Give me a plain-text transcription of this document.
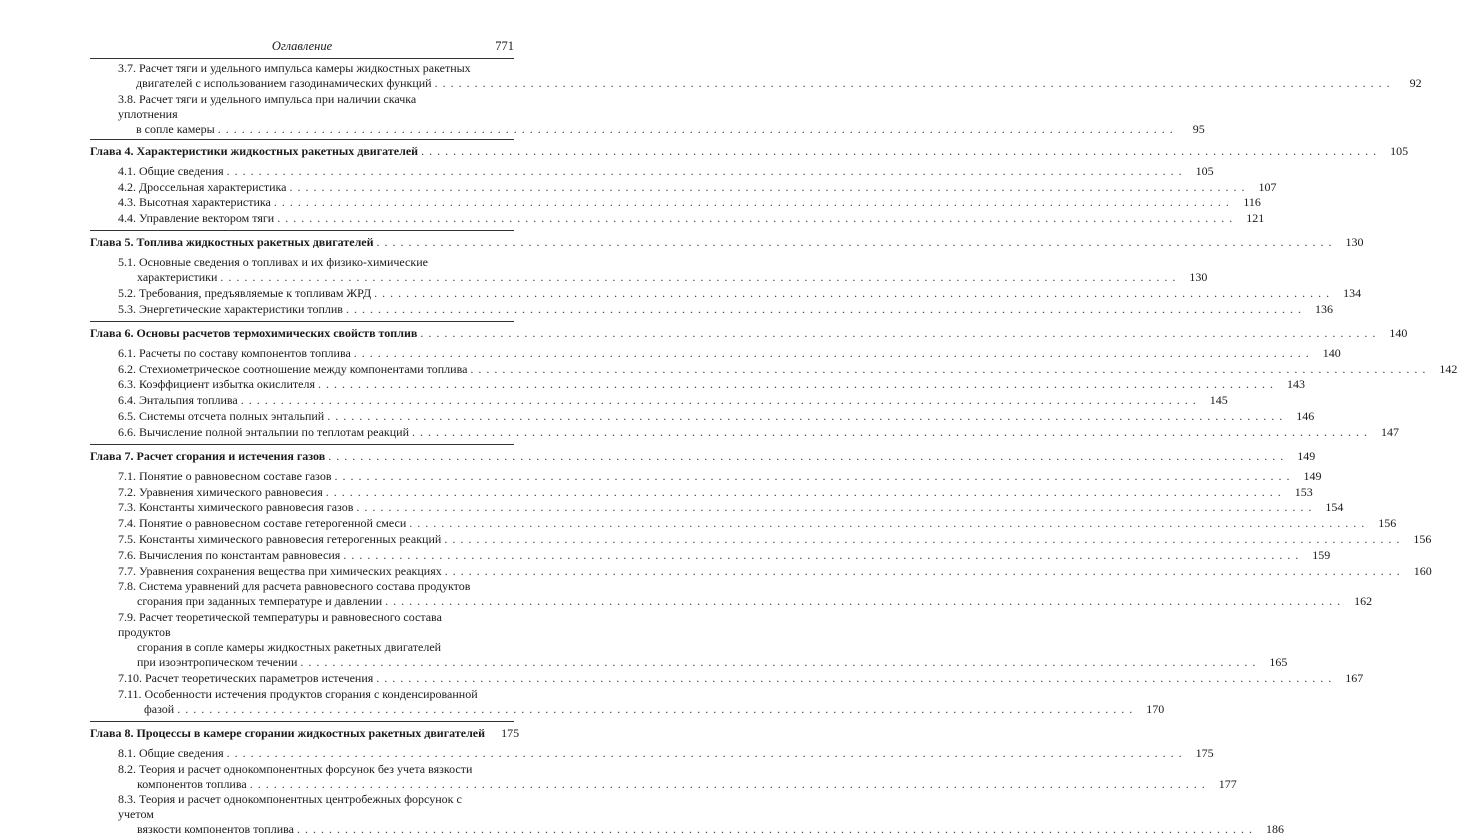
Оглавление	771
3.7. Расчет тяги и удельного импульса камеры жидкостных ракетных
двигателей с использованием газодинамических функций . . . . . . . . . . . . . . . . . . . . . . . . . . . . . . . . . . . . . . . . . . . . . . . . . . . . . . . . . . . . . . . . . . . . . . . . . . . . . . . . . . . . . . . . . . . . . . . . . . . . . . . . . . . . . . . . . . . . . . . .	92
3.8. Расчет тяги и удельного импульса при наличии скачка уплотнения
в сопле камеры . . . . . . . . . . . . . . . . . . . . . . . . . . . . . . . . . . . . . . . . . . . . . . . . . . . . . . . . . . . . . . . . . . . . . . . . . . . . . . . . . . . . . . . . . . . . . . . . . . . . . . . . . . . . . . . . . . . . . . . .	95
Глава 4. Характеристики жидкостных ракетных двигателей . . . . . . . . . . . . . . . . . . . . . . . . . . . . . . . . . . . . . . . . . . . . . . . . . . . . . . . . . . . . . . . . . . . . . . . . . . . . . . . . . . . . . . . . . . . . . . . . . . . . . . . . . . . . . . . . . . . . . . . .	105
4.1. Общие сведения . . . . . . . . . . . . . . . . . . . . . . . . . . . . . . . . . . . . . . . . . . . . . . . . . . . . . . . . . . . . . . . . . . . . . . . . . . . . . . . . . . . . . . . . . . . . . . . . . . . . . . . . . . . . . . . . . . . . . . . .	105
4.2. Дроссельная характеристика . . . . . . . . . . . . . . . . . . . . . . . . . . . . . . . . . . . . . . . . . . . . . . . . . . . . . . . . . . . . . . . . . . . . . . . . . . . . . . . . . . . . . . . . . . . . . . . . . . . . . . . . . . . . . . . . . . . . . . . .	107
4.3. Высотная характеристика . . . . . . . . . . . . . . . . . . . . . . . . . . . . . . . . . . . . . . . . . . . . . . . . . . . . . . . . . . . . . . . . . . . . . . . . . . . . . . . . . . . . . . . . . . . . . . . . . . . . . . . . . . . . . . . . . . . . . . . .	116
4.4. Управление вектором тяги . . . . . . . . . . . . . . . . . . . . . . . . . . . . . . . . . . . . . . . . . . . . . . . . . . . . . . . . . . . . . . . . . . . . . . . . . . . . . . . . . . . . . . . . . . . . . . . . . . . . . . . . . . . . . . . . . . . . . . . .	121
Глава 5. Топлива жидкостных ракетных двигателей . . . . . . . . . . . . . . . . . . . . . . . . . . . . . . . . . . . . . . . . . . . . . . . . . . . . . . . . . . . . . . . . . . . . . . . . . . . . . . . . . . . . . . . . . . . . . . . . . . . . . . . . . . . . . . . . . . . . . . . .	130
5.1. Основные сведения о топливах и их физико-химические
характеристики . . . . . . . . . . . . . . . . . . . . . . . . . . . . . . . . . . . . . . . . . . . . . . . . . . . . . . . . . . . . . . . . . . . . . . . . . . . . . . . . . . . . . . . . . . . . . . . . . . . . . . . . . . . . . . . . . . . . . . . .	130
5.2. Требования, предъявляемые к топливам ЖРД . . . . . . . . . . . . . . . . . . . . . . . . . . . . . . . . . . . . . . . . . . . . . . . . . . . . . . . . . . . . . . . . . . . . . . . . . . . . . . . . . . . . . . . . . . . . . . . . . . . . . . . . . . . . . . . . . . . . . . . .	134
5.3. Энергетические характеристики топлив . . . . . . . . . . . . . . . . . . . . . . . . . . . . . . . . . . . . . . . . . . . . . . . . . . . . . . . . . . . . . . . . . . . . . . . . . . . . . . . . . . . . . . . . . . . . . . . . . . . . . . . . . . . . . . . . . . . . . . . .	136
Глава 6. Основы расчетов термохимических свойств топлив . . . . . . . . . . . . . . . . . . . . . . . . . . . . . . . . . . . . . . . . . . . . . . . . . . . . . . . . . . . . . . . . . . . . . . . . . . . . . . . . . . . . . . . . . . . . . . . . . . . . . . . . . . . . . . . . . . . . . . . .	140
6.1. Расчеты по составу компонентов топлива . . . . . . . . . . . . . . . . . . . . . . . . . . . . . . . . . . . . . . . . . . . . . . . . . . . . . . . . . . . . . . . . . . . . . . . . . . . . . . . . . . . . . . . . . . . . . . . . . . . . . . . . . . . . . . . . . . . . . . . .	140
6.2. Стехиометрическое соотношение между компонентами топлива . . . . . . . . . . . . . . . . . . . . . . . . . . . . . . . . . . . . . . . . . . . . . . . . . . . . . . . . . . . . . . . . . . . . . . . . . . . . . . . . . . . . . . . . . . . . . . . . . . . . . . . . . . . . . . . . . . . . . . . .	142
6.3. Коэффициент избытка окислителя . . . . . . . . . . . . . . . . . . . . . . . . . . . . . . . . . . . . . . . . . . . . . . . . . . . . . . . . . . . . . . . . . . . . . . . . . . . . . . . . . . . . . . . . . . . . . . . . . . . . . . . . . . . . . . . . . . . . . . . .	143
6.4. Энтальпия топлива . . . . . . . . . . . . . . . . . . . . . . . . . . . . . . . . . . . . . . . . . . . . . . . . . . . . . . . . . . . . . . . . . . . . . . . . . . . . . . . . . . . . . . . . . . . . . . . . . . . . . . . . . . . . . . . . . . . . . . . .	145
6.5. Системы отсчета полных энтальпий . . . . . . . . . . . . . . . . . . . . . . . . . . . . . . . . . . . . . . . . . . . . . . . . . . . . . . . . . . . . . . . . . . . . . . . . . . . . . . . . . . . . . . . . . . . . . . . . . . . . . . . . . . . . . . . . . . . . . . . .	146
6.6. Вычисление полной энтальпии по теплотам реакций . . . . . . . . . . . . . . . . . . . . . . . . . . . . . . . . . . . . . . . . . . . . . . . . . . . . . . . . . . . . . . . . . . . . . . . . . . . . . . . . . . . . . . . . . . . . . . . . . . . . . . . . . . . . . . . . . . . . . . . .	147
Глава 7. Расчет сгорания и истечения газов . . . . . . . . . . . . . . . . . . . . . . . . . . . . . . . . . . . . . . . . . . . . . . . . . . . . . . . . . . . . . . . . . . . . . . . . . . . . . . . . . . . . . . . . . . . . . . . . . . . . . . . . . . . . . . . . . . . . . . . .	149
7.1. Понятие о равновесном составе газов . . . . . . . . . . . . . . . . . . . . . . . . . . . . . . . . . . . . . . . . . . . . . . . . . . . . . . . . . . . . . . . . . . . . . . . . . . . . . . . . . . . . . . . . . . . . . . . . . . . . . . . . . . . . . . . . . . . . . . . .	149
7.2. Уравнения химического равновесия . . . . . . . . . . . . . . . . . . . . . . . . . . . . . . . . . . . . . . . . . . . . . . . . . . . . . . . . . . . . . . . . . . . . . . . . . . . . . . . . . . . . . . . . . . . . . . . . . . . . . . . . . . . . . . . . . . . . . . . .	153
7.3. Константы химического равновесия газов . . . . . . . . . . . . . . . . . . . . . . . . . . . . . . . . . . . . . . . . . . . . . . . . . . . . . . . . . . . . . . . . . . . . . . . . . . . . . . . . . . . . . . . . . . . . . . . . . . . . . . . . . . . . . . . . . . . . . . . .	154
7.4. Понятие о равновесном составе гетерогенной смеси . . . . . . . . . . . . . . . . . . . . . . . . . . . . . . . . . . . . . . . . . . . . . . . . . . . . . . . . . . . . . . . . . . . . . . . . . . . . . . . . . . . . . . . . . . . . . . . . . . . . . . . . . . . . . . . . . . . . . . . .	156
7.5. Константы химического равновесия гетерогенных реакций . . . . . . . . . . . . . . . . . . . . . . . . . . . . . . . . . . . . . . . . . . . . . . . . . . . . . . . . . . . . . . . . . . . . . . . . . . . . . . . . . . . . . . . . . . . . . . . . . . . . . . . . . . . . . . . . . . . . . . . .	156
7.6. Вычисления по константам равновесия . . . . . . . . . . . . . . . . . . . . . . . . . . . . . . . . . . . . . . . . . . . . . . . . . . . . . . . . . . . . . . . . . . . . . . . . . . . . . . . . . . . . . . . . . . . . . . . . . . . . . . . . . . . . . . . . . . . . . . . .	159
7.7. Уравнения сохранения вещества при химических реакциях . . . . . . . . . . . . . . . . . . . . . . . . . . . . . . . . . . . . . . . . . . . . . . . . . . . . . . . . . . . . . . . . . . . . . . . . . . . . . . . . . . . . . . . . . . . . . . . . . . . . . . . . . . . . . . . . . . . . . . . .	160
7.8. Система уравнений для расчета равновесного состава продуктов
сгорания при заданных температуре и давлении . . . . . . . . . . . . . . . . . . . . . . . . . . . . . . . . . . . . . . . . . . . . . . . . . . . . . . . . . . . . . . . . . . . . . . . . . . . . . . . . . . . . . . . . . . . . . . . . . . . . . . . . . . . . . . . . . . . . . . . .	162
7.9. Расчет теоретической температуры и равновесного состава продуктов
сгорания в сопле камеры жидкостных ракетных двигателей
при изоэнтропическом течении . . . . . . . . . . . . . . . . . . . . . . . . . . . . . . . . . . . . . . . . . . . . . . . . . . . . . . . . . . . . . . . . . . . . . . . . . . . . . . . . . . . . . . . . . . . . . . . . . . . . . . . . . . . . . . . . . . . . . . . .	165
7.10. Расчет теоретических параметров истечения . . . . . . . . . . . . . . . . . . . . . . . . . . . . . . . . . . . . . . . . . . . . . . . . . . . . . . . . . . . . . . . . . . . . . . . . . . . . . . . . . . . . . . . . . . . . . . . . . . . . . . . . . . . . . . . . . . . . . . . .	167
7.11. Особенности истечения продуктов сгорания с конденсированной
фазой . . . . . . . . . . . . . . . . . . . . . . . . . . . . . . . . . . . . . . . . . . . . . . . . . . . . . . . . . . . . . . . . . . . . . . . . . . . . . . . . . . . . . . . . . . . . . . . . . . . . . . . . . . . . . . . . . . . . . . . .	170
Глава 8. Процессы в камере сгорании жидкостных ракетных двигателей	175
8.1. Общие сведения . . . . . . . . . . . . . . . . . . . . . . . . . . . . . . . . . . . . . . . . . . . . . . . . . . . . . . . . . . . . . . . . . . . . . . . . . . . . . . . . . . . . . . . . . . . . . . . . . . . . . . . . . . . . . . . . . . . . . . . .	175
8.2. Теория и расчет однокомпонентных форсунок без учета вязкости
компонентов топлива . . . . . . . . . . . . . . . . . . . . . . . . . . . . . . . . . . . . . . . . . . . . . . . . . . . . . . . . . . . . . . . . . . . . . . . . . . . . . . . . . . . . . . . . . . . . . . . . . . . . . . . . . . . . . . . . . . . . . . . .	177
8.3. Теория и расчет однокомпонентных центробежных форсунок с учетом
вязкости компонентов топлива . . . . . . . . . . . . . . . . . . . . . . . . . . . . . . . . . . . . . . . . . . . . . . . . . . . . . . . . . . . . . . . . . . . . . . . . . . . . . . . . . . . . . . . . . . . . . . . . . . . . . . . . . . . . . . . . . . . . . . . .	186
